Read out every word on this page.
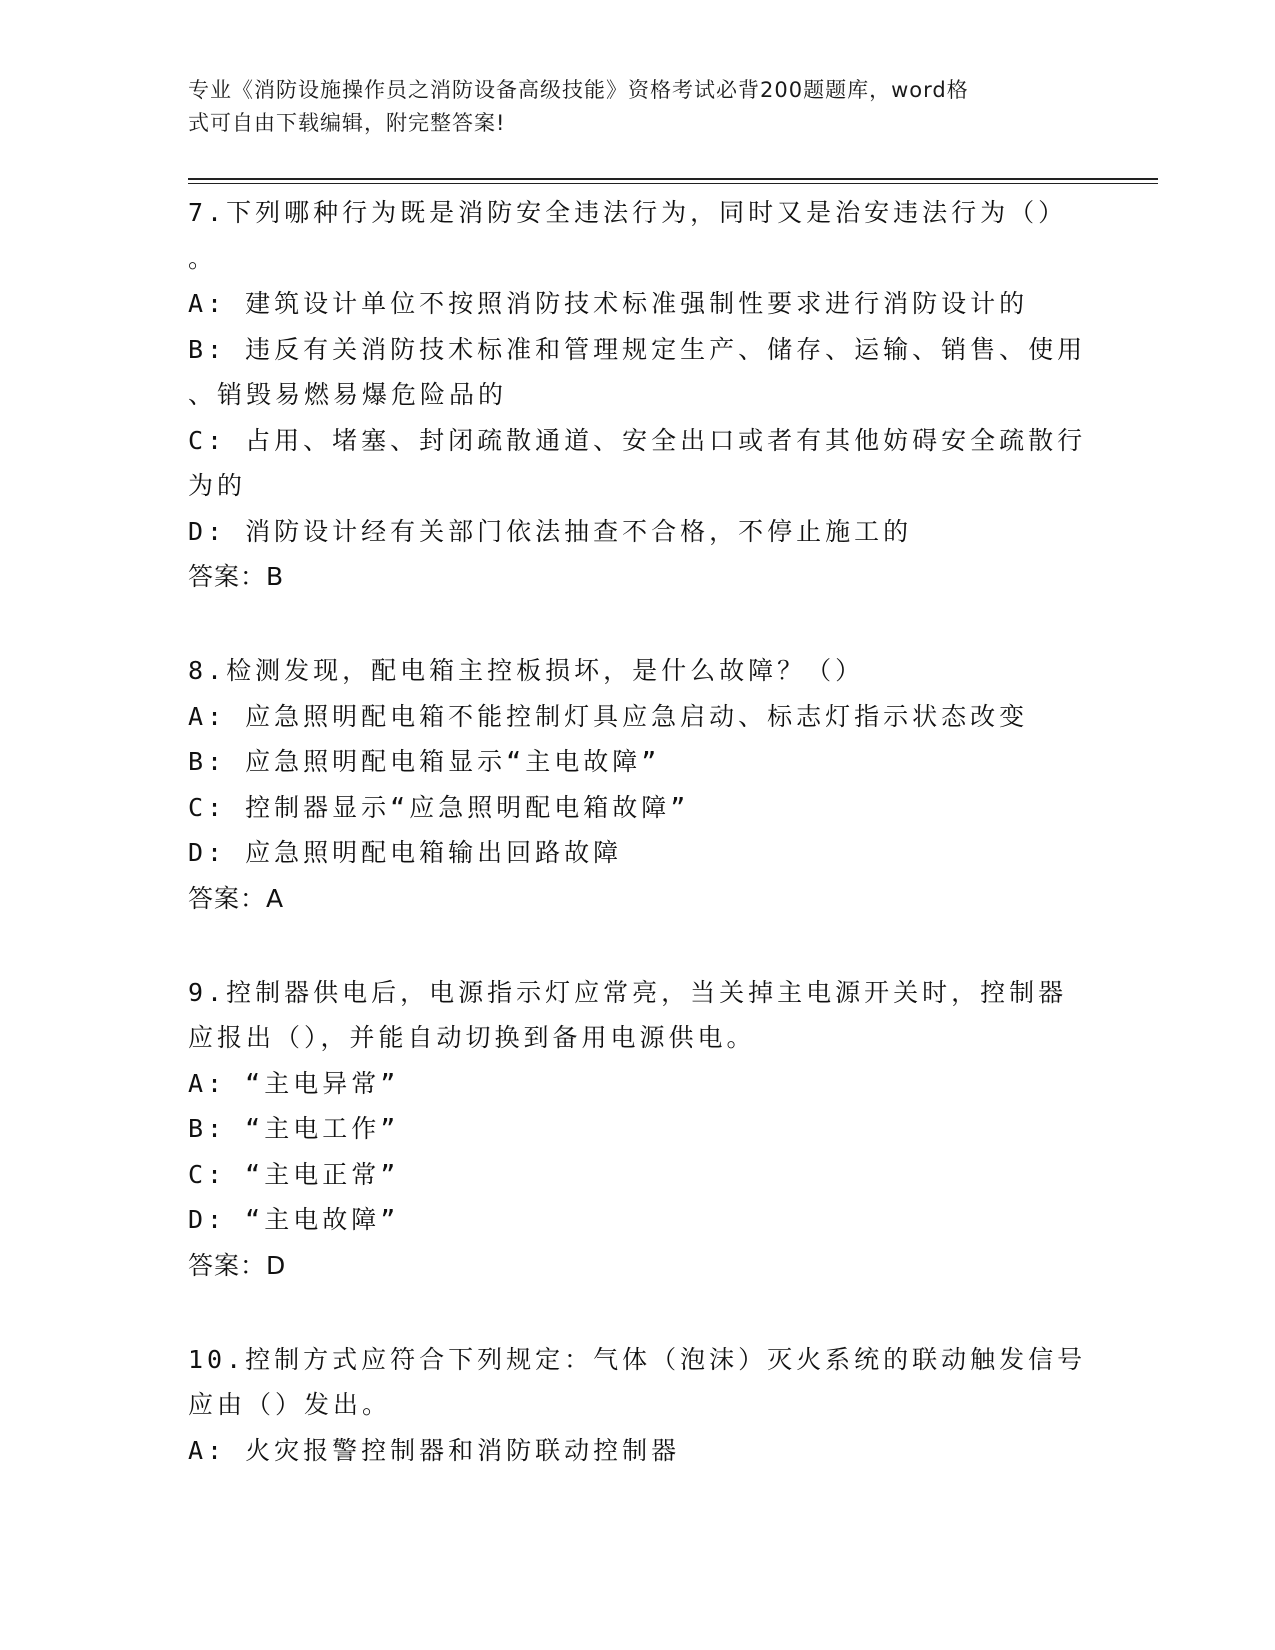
专业《消防设施操作员之消防设备高级技能》资格考试必背200题题库，word格
式可自由下载编辑，附完整答案!
7.下列哪种行为既是消防安全违法行为，同时又是治安违法行为（）
。
A: 建筑设计单位不按照消防技术标准强制性要求进行消防设计的
B: 违反有关消防技术标准和管理规定生产、储存、运输、销售、使用
、销毁易燃易爆危险品的
C: 占用、堵塞、封闭疏散通道、安全出口或者有其他妨碍安全疏散行
为的
D: 消防设计经有关部门依法抽查不合格，不停止施工的
答案：B
8.检测发现，配电箱主控板损坏，是什么故障？（）
A: 应急照明配电箱不能控制灯具应急启动、标志灯指示状态改变
B: 应急照明配电箱显示“主电故障”
C: 控制器显示“应急照明配电箱故障”
D: 应急照明配电箱输出回路故障
答案：A
9.控制器供电后，电源指示灯应常亮，当关掉主电源开关时，控制器
应报出（），并能自动切换到备用电源供电。
A: “主电异常”
B: “主电工作”
C: “主电正常”
D: “主电故障”
答案：D
10.控制方式应符合下列规定：气体（泡沫）灭火系统的联动触发信号
应由（）发出。
A: 火灾报警控制器和消防联动控制器
